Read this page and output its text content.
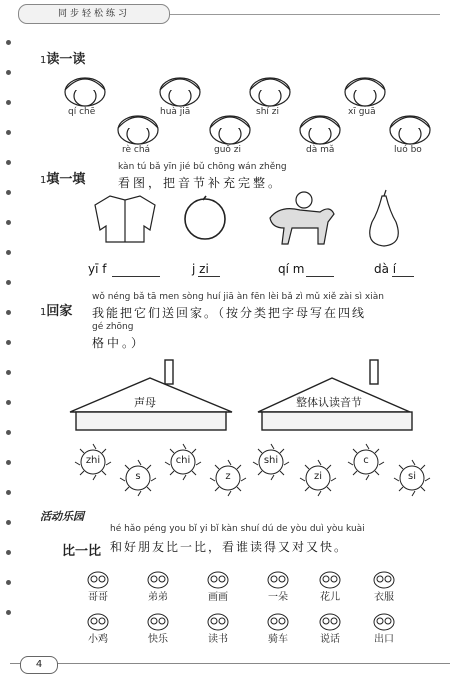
同步轻松练习
1读一读
qí chē	huà jiā	shí zi	xī guā
rè chá	guǒ zi	dà mǎ	luó bo
1填一填
kàn tú bǎ yīn jié bǔ chōng wán zhěng
看图，把音节补充完整。
yī f	j zi	qí m	dà í
1回家
wǒ néng bǎ tā men sòng huí jiā àn fēn lèi bǎ zì mǔ xiě zài sì xiàn
我能把它们送回家。（按分类把字母写在四线
gé zhōng
格中。）
声母	整体认读音节
zhi
s
chi
z
shi
zi
c
si
活动乐园
hé hǎo péng you bǐ yi bǐ kàn shuí dú de yòu duì yòu kuài
比一比 和好朋友比一比，看谁读得又对又快。
哥哥	弟弟	画画	一朵	花儿	衣服
小鸡	快乐	读书	骑车	说话	出口
4
